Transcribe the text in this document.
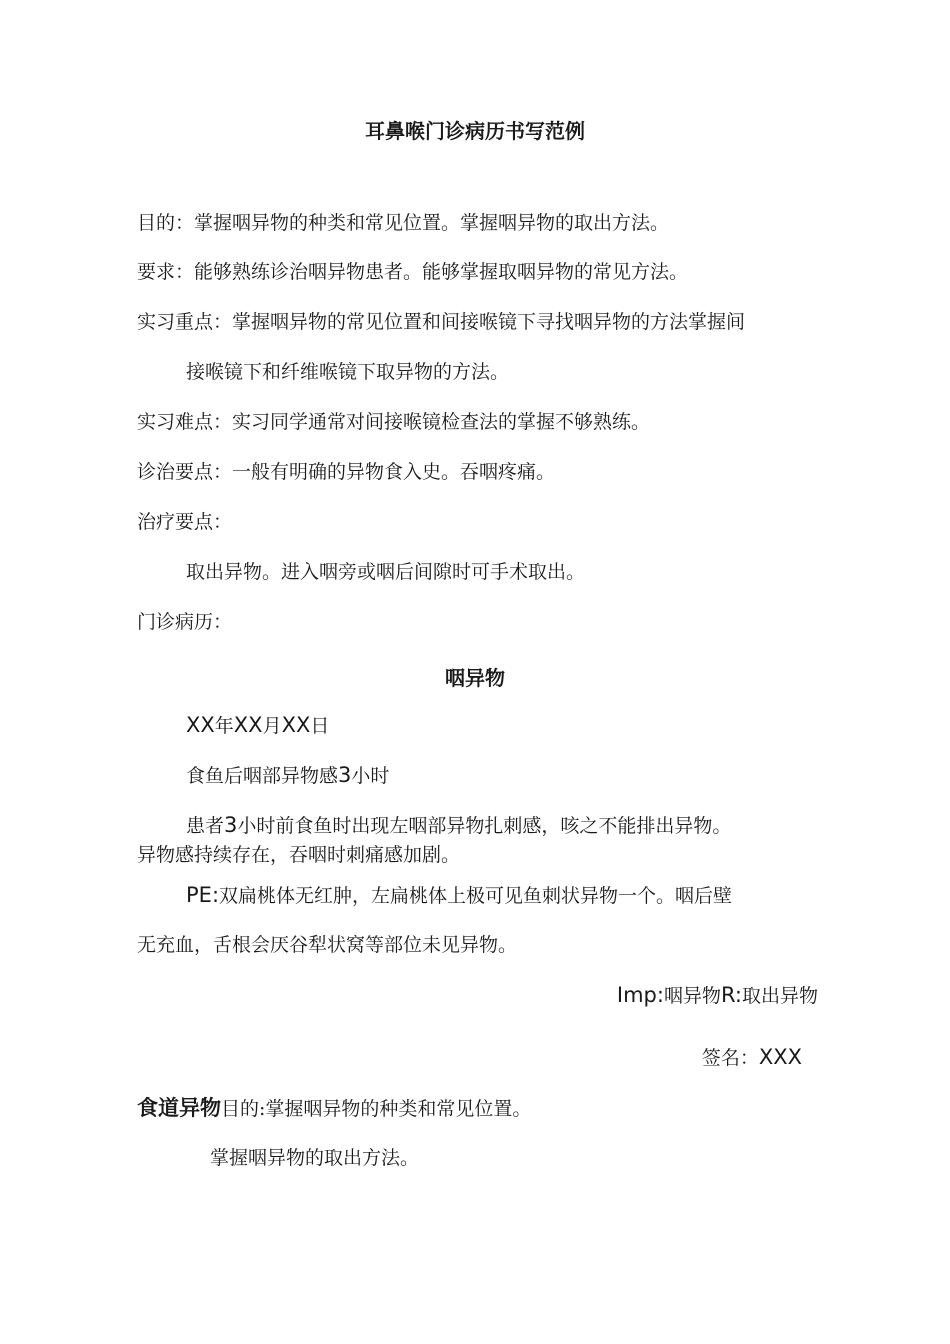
耳鼻喉门诊病历书写范例
目的：掌握咽异物的种类和常见位置。掌握咽异物的取出方法。
要求：能够熟练诊治咽异物患者。能够掌握取咽异物的常见方法。
实习重点：掌握咽异物的常见位置和间接喉镜下寻找咽异物的方法掌握间
接喉镜下和纤维喉镜下取异物的方法。
实习难点：实习同学通常对间接喉镜检查法的掌握不够熟练。
诊治要点：一般有明确的异物食入史。吞咽疼痛。
治疗要点：
取出异物。进入咽旁或咽后间隙时可手术取出。
门诊病历：
咽异物
XX年XX月XX日
食鱼后咽部异物感3小时
患者3小时前食鱼时出现左咽部异物扎刺感，咳之不能排出异物。
异物感持续存在，吞咽时刺痛感加剧。
PE:双扁桃体无红肿，左扁桃体上极可见鱼刺状异物一个。咽后壁
无充血，舌根会厌谷犁状窝等部位未见异物。
Imp:咽异物R:取出异物
签名：XXX
食道异物目的:掌握咽异物的种类和常见位置。
掌握咽异物的取出方法。
